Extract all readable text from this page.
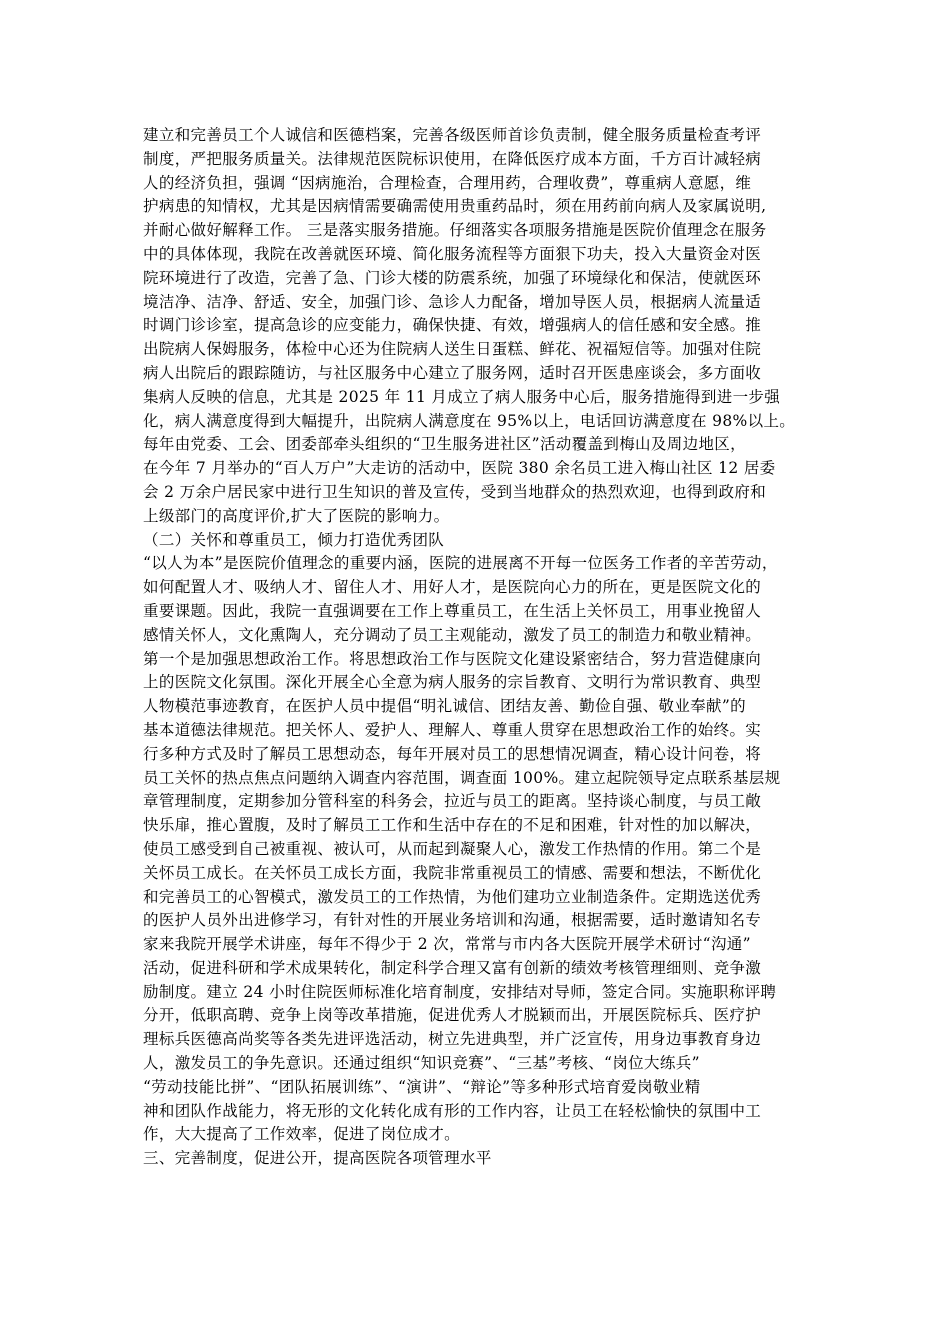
建立和完善员工个人诚信和医德档案，完善各级医师首诊负责制，健全服务质量检查考评
制度，严把服务质量关。法律规范医院标识使用，在降低医疗成本方面，千方百计减轻病
人的经济负担，强调 “因病施治，合理检查，合理用药，合理收费”，尊重病人意愿，维
护病患的知情权，尤其是因病情需要确需使用贵重药品时，须在用药前向病人及家属说明,
并耐心做好解释工作。 三是落实服务措施。仔细落实各项服务措施是医院价值理念在服务
中的具体体现，我院在改善就医环境、简化服务流程等方面狠下功夫，投入大量资金对医
院环境进行了改造，完善了急、门诊大楼的防震系统，加强了环境绿化和保洁，使就医环
境洁净、洁净、舒适、安全，加强门诊、急诊人力配备，增加导医人员，根据病人流量适
时调门诊诊室，提高急诊的应变能力，确保快捷、有效，增强病人的信任感和安全感。推
出院病人保姆服务，体检中心还为住院病人送生日蛋糕、鲜花、祝福短信等。加强对住院
病人出院后的跟踪随访，与社区服务中心建立了服务网，适时召开医患座谈会，多方面收
集病人反映的信息，尤其是 2025 年 11 月成立了病人服务中心后，服务措施得到进一步强
化，病人满意度得到大幅提升，出院病人满意度在 95%以上，电话回访满意度在 98%以上。
每年由党委、工会、团委部牵头组织的“卫生服务进社区”活动覆盖到梅山及周边地区，
在今年 7 月举办的“百人万户”大走访的活动中，医院 380 余名员工进入梅山社区 12 居委
会 2 万余户居民家中进行卫生知识的普及宣传，受到当地群众的热烈欢迎，也得到政府和
上级部门的高度评价,扩大了医院的影响力。
（二）关怀和尊重员工，倾力打造优秀团队
“以人为本”是医院价值理念的重要内涵，医院的进展离不开每一位医务工作者的辛苦劳动，
如何配置人才、吸纳人才、留住人才、用好人才，是医院向心力的所在，更是医院文化的
重要课题。因此，我院一直强调要在工作上尊重员工，在生活上关怀员工，用事业挽留人
感情关怀人，文化熏陶人，充分调动了员工主观能动，激发了员工的制造力和敬业精神。
第一个是加强思想政治工作。将思想政治工作与医院文化建设紧密结合，努力营造健康向
上的医院文化氛围。深化开展全心全意为病人服务的宗旨教育、文明行为常识教育、典型
人物模范事迹教育，在医护人员中提倡“明礼诚信、团结友善、勤俭自强、敬业奉献”的
基本道德法律规范。把关怀人、爱护人、理解人、尊重人贯穿在思想政治工作的始终。实
行多种方式及时了解员工思想动态，每年开展对员工的思想情况调查，精心设计问卷，将
员工关怀的热点焦点问题纳入调查内容范围，调查面 100%。建立起院领导定点联系基层规
章管理制度，定期参加分管科室的科务会，拉近与员工的距离。坚持谈心制度，与员工敞
快乐扉，推心置腹，及时了解员工工作和生活中存在的不足和困难，针对性的加以解决，
使员工感受到自己被重视、被认可，从而起到凝聚人心，激发工作热情的作用。第二个是
关怀员工成长。在关怀员工成长方面，我院非常重视员工的情感、需要和想法，不断优化
和完善员工的心智模式，激发员工的工作热情，为他们建功立业制造条件。定期选送优秀
的医护人员外出进修学习，有针对性的开展业务培训和沟通，根据需要，适时邀请知名专
家来我院开展学术讲座，每年不得少于 2 次，常常与市内各大医院开展学术研讨“沟通”
活动，促进科研和学术成果转化，制定科学合理又富有创新的绩效考核管理细则、竞争激
励制度。建立 24 小时住院医师标准化培育制度，安排结对导师，签定合同。实施职称评聘
分开，低职高聘、竞争上岗等改革措施，促进优秀人才脱颖而出，开展医院标兵、医疗护
理标兵医德高尚奖等各类先进评选活动，树立先进典型，并广泛宣传，用身边事教育身边
人，激发员工的争先意识。还通过组织“知识竞赛”、“三基”考核、“岗位大练兵”
“劳动技能比拼”、“团队拓展训练”、“演讲”、“辩论”等多种形式培育爱岗敬业精
神和团队作战能力，将无形的文化转化成有形的工作内容，让员工在轻松愉快的氛围中工
作，大大提高了工作效率，促进了岗位成才。
三、完善制度，促进公开，提高医院各项管理水平
